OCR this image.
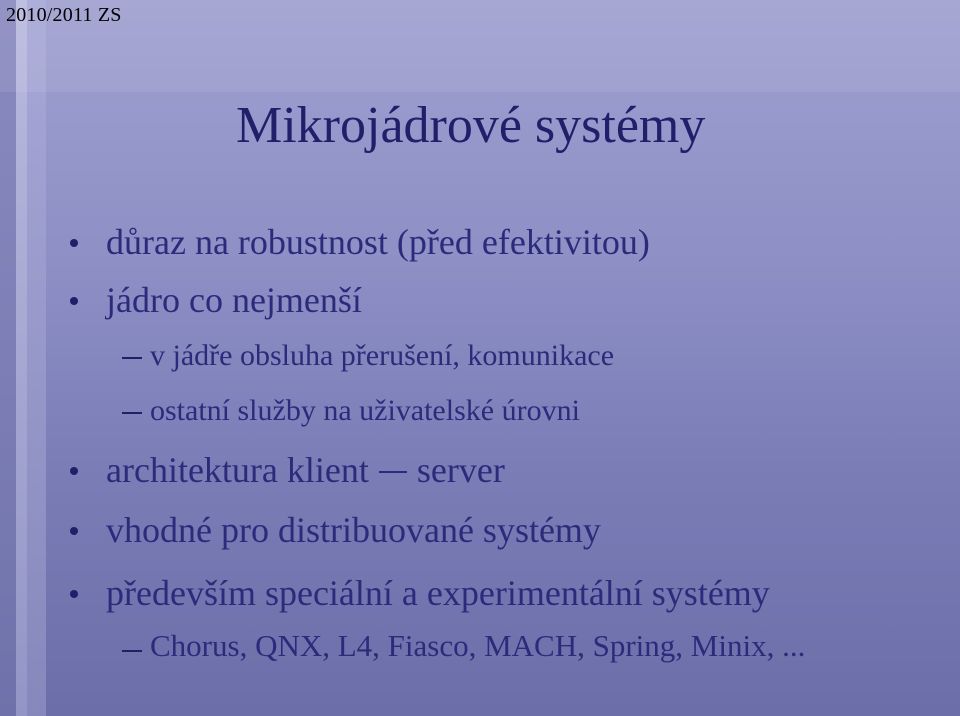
2010/2011 ZS
Mikrojádrové systémy
důraz na robustnost (před efektivitou)
jádro co nejmenší
v jádře obsluha přerušení, komunikace
ostatní služby na uživatelské úrovni
architektura klient server
vhodné pro distribuované systémy
především speciální a experimentální systémy
Chorus, QNX, L4, Fiasco, MACH, Spring, Minix, ...
